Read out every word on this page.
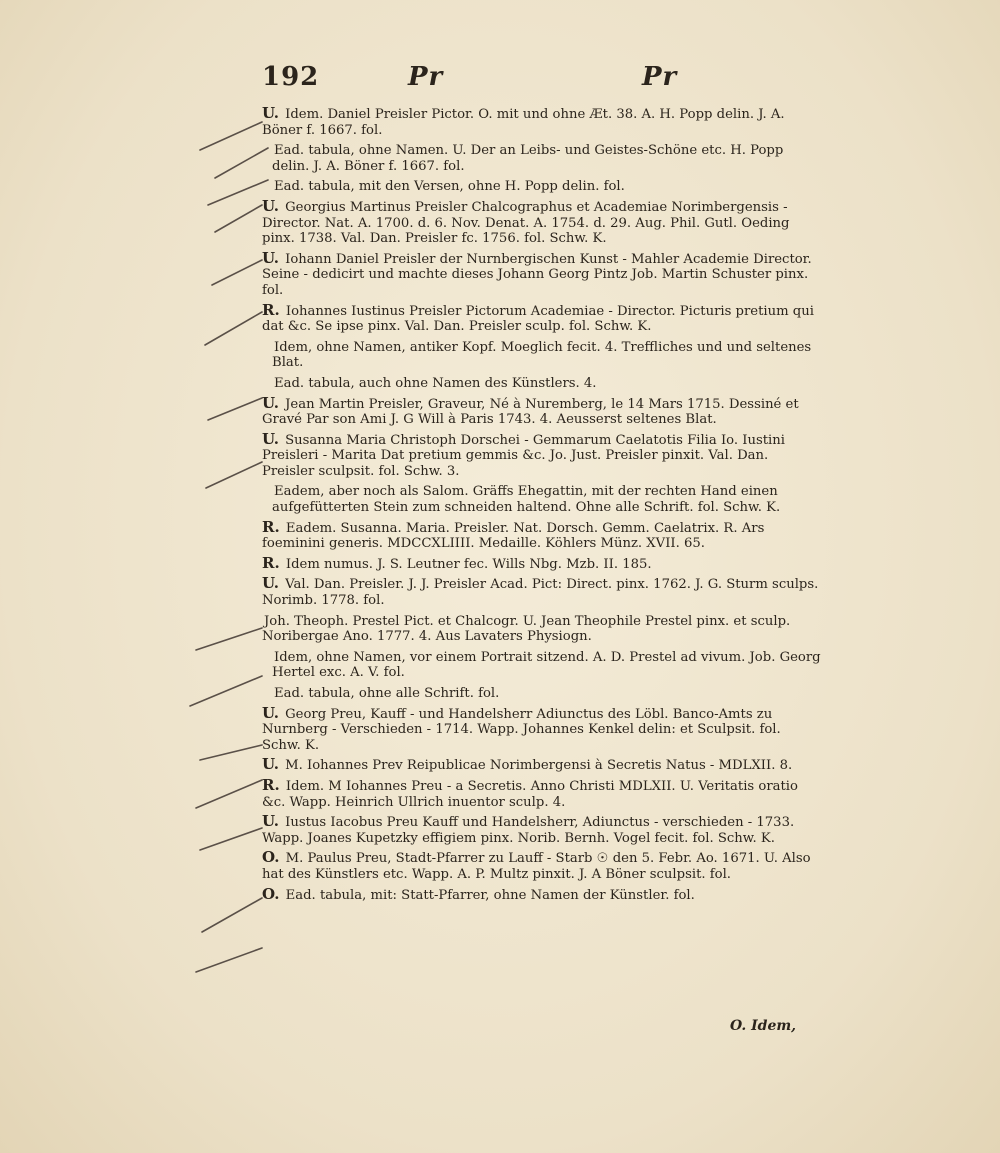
192	Pr	Pr
U. Idem. Daniel Preisler Pictor. O. mit und ohne Æt. 38. A. H. Popp delin. J. A. Böner f. 1667. fol.
Ead. tabula, ohne Namen. U. Der an Leibs- und Geistes-Schöne etc. H. Popp delin. J. A. Böner f. 1667. fol.
Ead. tabula, mit den Versen, ohne H. Popp delin. fol.
U. Georgius Martinus Preisler Chalcographus et Academiae Norimbergensis - Director. Nat. A. 1700. d. 6. Nov. Denat. A. 1754. d. 29. Aug. Phil. Gutl. Oeding pinx. 1738. Val. Dan. Preisler fc. 1756. fol. Schw. K.
U. Iohann Daniel Preisler der Nurnbergischen Kunst - Mahler Academie Director. Seine - dedicirt und machte dieses Johann Georg Pintz Job. Martin Schuster pinx. fol.
R. Iohannes Iustinus Preisler Pictorum Academiae - Director. Picturis pretium qui dat &c. Se ipse pinx. Val. Dan. Preisler sculp. fol. Schw. K.
Idem, ohne Namen, antiker Kopf. Moeglich fecit. 4. Treffliches und und seltenes Blat.
Ead. tabula, auch ohne Namen des Künstlers. 4.
U. Jean Martin Preisler, Graveur, Né à Nuremberg, le 14 Mars 1715. Dessiné et Gravé Par son Ami J. G Will à Paris 1743. 4. Aeusserst seltenes Blat.
U. Susanna Maria Christoph Dorschei - Gemmarum Caelatotis Filia Io. Iustini Preisleri - Marita Dat pretium gemmis &c. Jo. Just. Preisler pinxit. Val. Dan. Preisler sculpsit. fol. Schw. 3.
Eadem, aber noch als Salom. Gräffs Ehegattin, mit der rechten Hand einen aufgefütterten Stein zum schneiden haltend. Ohne alle Schrift. fol. Schw. K.
R. Eadem. Susanna. Maria. Preisler. Nat. Dorsch. Gemm. Caelatrix. R. Ars foeminini generis. MDCCXLIIII. Medaille. Köhlers Münz. XVII. 65.
R. Idem numus. J. S. Leutner fec. Wills Nbg. Mzb. II. 185.
U. Val. Dan. Preisler. J. J. Preisler Acad. Pict: Direct. pinx. 1762. J. G. Sturm sculps. Norimb. 1778. fol.
Joh. Theoph. Prestel Pict. et Chalcogr. U. Jean Theophile Prestel pinx. et sculp. Noribergae Ano. 1777. 4. Aus Lavaters Physiogn.
Idem, ohne Namen, vor einem Portrait sitzend. A. D. Prestel ad vivum. Job. Georg Hertel exc. A. V. fol.
Ead. tabula, ohne alle Schrift. fol.
U. Georg Preu, Kauff - und Handelsherr Adiunctus des Löbl. Banco-Amts zu Nurnberg - Verschieden - 1714. Wapp. Johannes Kenkel delin: et Sculpsit. fol. Schw. K.
U. M. Iohannes Prev Reipublicae Norimbergensi à Secretis Natus - MDLXII. 8.
R. Idem. M Iohannes Preu - a Secretis. Anno Christi MDLXII. U. Veritatis oratio &c. Wapp. Heinrich Ullrich inuentor sculp. 4.
U. Iustus Iacobus Preu Kauff und Handelsherr, Adiunctus - verschieden - 1733. Wapp. Joanes Kupetzky effigiem pinx. Norib. Bernh. Vogel fecit. fol. Schw. K.
O. M. Paulus Preu, Stadt-Pfarrer zu Lauff - Starb ☉ den 5. Febr. Ao. 1671. U. Also hat des Künstlers etc. Wapp. A. P. Multz pinxit. J. A Böner sculpsit. fol.
O. Ead. tabula, mit: Statt-Pfarrer, ohne Namen der Künstler. fol.
O. Idem,
